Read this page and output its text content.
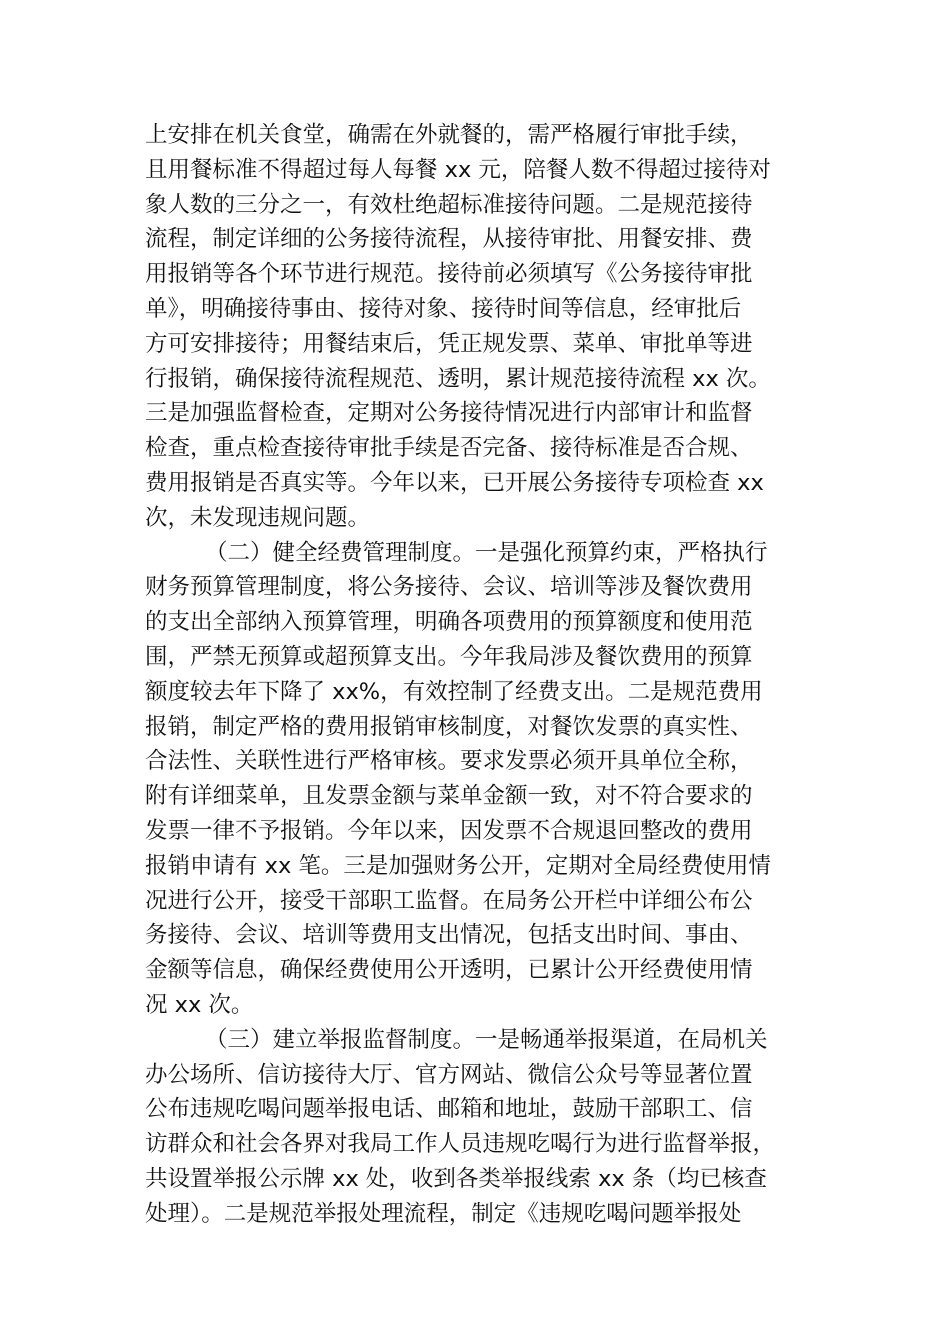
上安排在机关食堂，确需在外就餐的，需严格履行审批手续，
且用餐标准不得超过每人每餐 xx 元，陪餐人数不得超过接待对
象人数的三分之一，有效杜绝超标准接待问题。二是规范接待
流程，制定详细的公务接待流程，从接待审批、用餐安排、费
用报销等各个环节进行规范。接待前必须填写《公务接待审批
单》，明确接待事由、接待对象、接待时间等信息，经审批后
方可安排接待；用餐结束后，凭正规发票、菜单、审批单等进
行报销，确保接待流程规范、透明，累计规范接待流程 xx 次。
三是加强监督检查，定期对公务接待情况进行内部审计和监督
检查，重点检查接待审批手续是否完备、接待标准是否合规、
费用报销是否真实等。今年以来，已开展公务接待专项检查 xx
次，未发现违规问题。
（二）健全经费管理制度。一是强化预算约束，严格执行
财务预算管理制度，将公务接待、会议、培训等涉及餐饮费用
的支出全部纳入预算管理，明确各项费用的预算额度和使用范
围，严禁无预算或超预算支出。今年我局涉及餐饮费用的预算
额度较去年下降了 xx%，有效控制了经费支出。二是规范费用
报销，制定严格的费用报销审核制度，对餐饮发票的真实性、
合法性、关联性进行严格审核。要求发票必须开具单位全称，
附有详细菜单，且发票金额与菜单金额一致，对不符合要求的
发票一律不予报销。今年以来，因发票不合规退回整改的费用
报销申请有 xx 笔。三是加强财务公开，定期对全局经费使用情
况进行公开，接受干部职工监督。在局务公开栏中详细公布公
务接待、会议、培训等费用支出情况，包括支出时间、事由、
金额等信息，确保经费使用公开透明，已累计公开经费使用情
况 xx 次。
（三）建立举报监督制度。一是畅通举报渠道，在局机关
办公场所、信访接待大厅、官方网站、微信公众号等显著位置
公布违规吃喝问题举报电话、邮箱和地址，鼓励干部职工、信
访群众和社会各界对我局工作人员违规吃喝行为进行监督举报，
共设置举报公示牌 xx 处，收到各类举报线索 xx 条（均已核查
处理）。二是规范举报处理流程，制定《违规吃喝问题举报处
